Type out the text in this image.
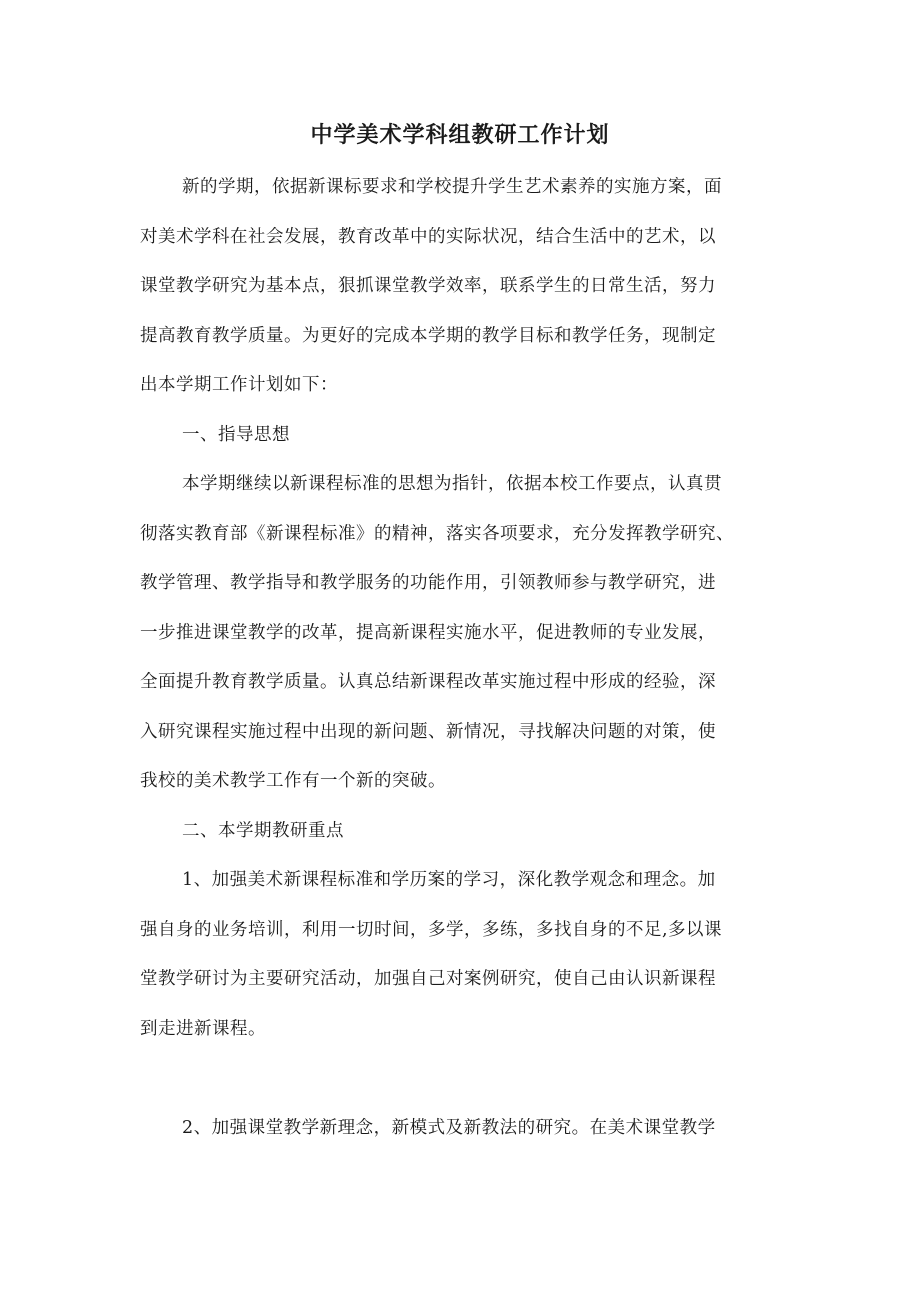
中学美术学科组教研工作计划
新的学期，依据新课标要求和学校提升学生艺术素养的实施方案，面
对美术学科在社会发展，教育改革中的实际状况，结合生活中的艺术，以
课堂教学研究为基本点，狠抓课堂教学效率，联系学生的日常生活，努力
提高教育教学质量。为更好的完成本学期的教学目标和教学任务，现制定
出本学期工作计划如下：
一、指导思想
本学期继续以新课程标准的思想为指针，依据本校工作要点，认真贯
彻落实教育部《新课程标准》的精神，落实各项要求，充分发挥教学研究、
教学管理、教学指导和教学服务的功能作用，引领教师参与教学研究，进
一步推进课堂教学的改革，提高新课程实施水平，促进教师的专业发展，
全面提升教育教学质量。认真总结新课程改革实施过程中形成的经验，深
入研究课程实施过程中出现的新问题、新情况，寻找解决问题的对策，使
我校的美术教学工作有一个新的突破。
二、本学期教研重点
1、加强美术新课程标准和学历案的学习，深化教学观念和理念。加
强自身的业务培训，利用一切时间，多学，多练，多找自身的不足,多以课
堂教学研讨为主要研究活动，加强自己对案例研究，使自己由认识新课程
到走进新课程。
2、加强课堂教学新理念，新模式及新教法的研究。在美术课堂教学
